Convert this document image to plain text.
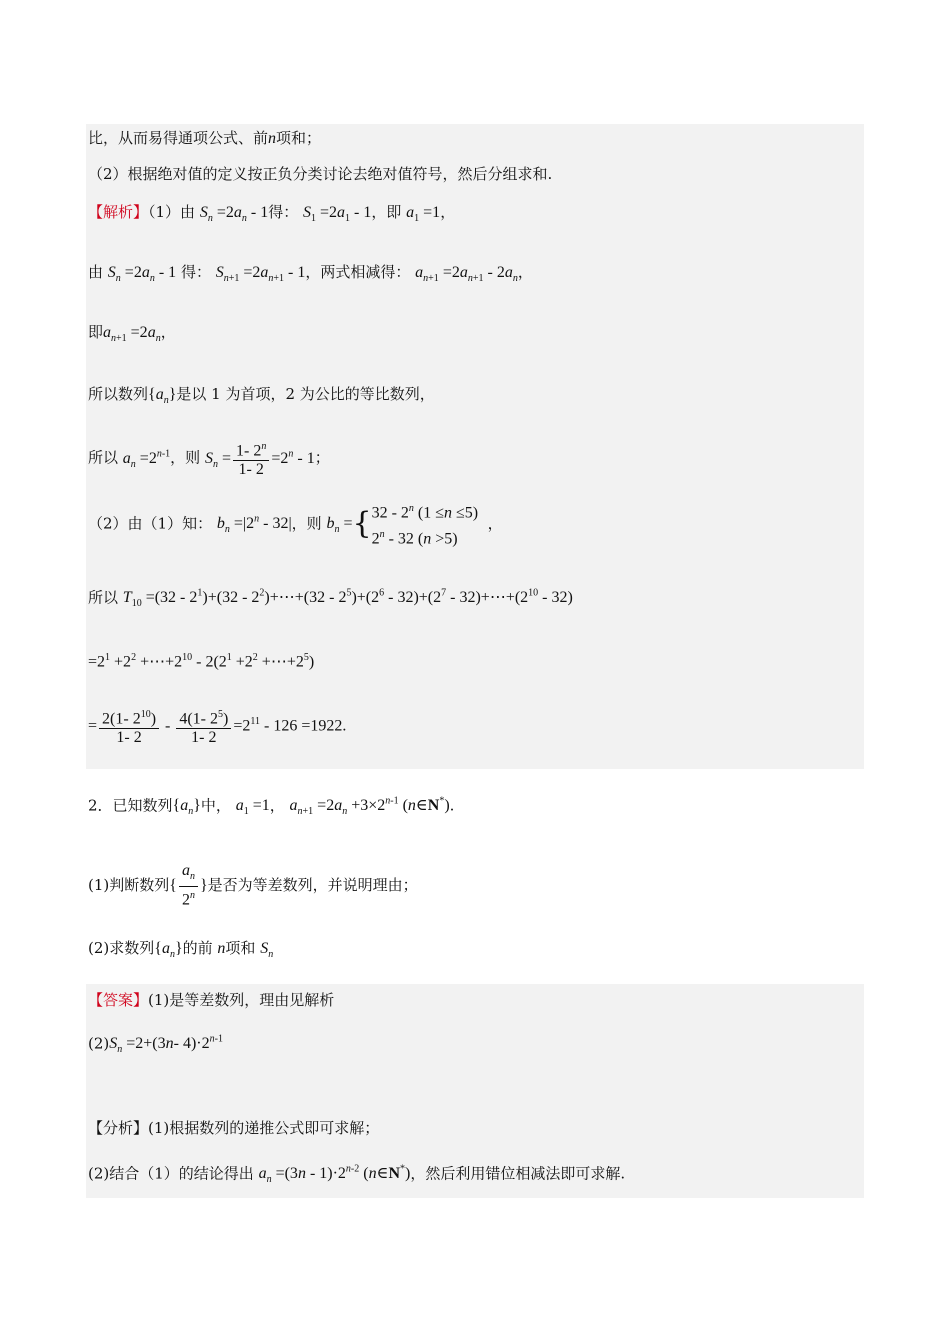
比，从而易得通项公式、前n项和；
（2）根据绝对值的定义按正负分类讨论去绝对值符号，然后分组求和.
【解析】（1）由 $S_n =2a_n - 1$得： $S_1 =2a_1 - 1$，即 $a_1 =1$，
由 $S_n =2a_n - 1$ 得： $S_{n+1} =2a_{n+1} - 1$，两式相减得： $a_{n+1} =2a_{n+1} - 2a_n$，
即$a_{n+1} =2a_n$，
所以数列$\{a_n\}$是以 1 为首项，2 为公比的等比数列，
所以 $a_n =2^{n-1}$，则 $S_n = \frac{1- 2^n}{1- 2} =2^n - 1$；
（2）由（1）知： $b_n =|2^n - 32|$，则 $b_n$ ={ 32 - 2$^n$ (1 ≤n ≤5)
2$^n$ - 32 (n >5)
，
所以 $T_{10} =(32 - 2^1)+(32$ - $2^2)+\cdots+(32 - 2^5)+(2^6 - 32)+(2^7$ - $32)+\cdots+(2^{10} - 32)$
$=2^1 +2^2$ $+\cdots+2^{10} - 2(2^1 +2^2$ $+\cdots+2^5$)
= $\frac{2(1- 2^{10})}{1- 2} - \frac{4(1- 2^5)}{1- 2} =2^{11} - 126 =1922$.
2．已知数列$\{a_n\}$中， $a_1 =1$， $a_{n+1} =2a_n +3\times 2^{n-1}$ (n∈N*).
(1)判断数列{ $\frac{a_n}{2^n}$ }是否为等差数列，并说明理由；
(2)求数列$\{a_n\}$的前 n项和 $S_n$
【答案】(1)是等差数列，理由见解析
$(2)S_n =2+(3n-$ $4)\cdot 2^{n-1}$
【分析】(1)根据数列的递推公式即可求解；
(2)结合（1）的结论得出 $a_n =(3n - 1)\cdot 2^{n-2}$ (n∈N*)，然后利用错位相减法即可求解.
